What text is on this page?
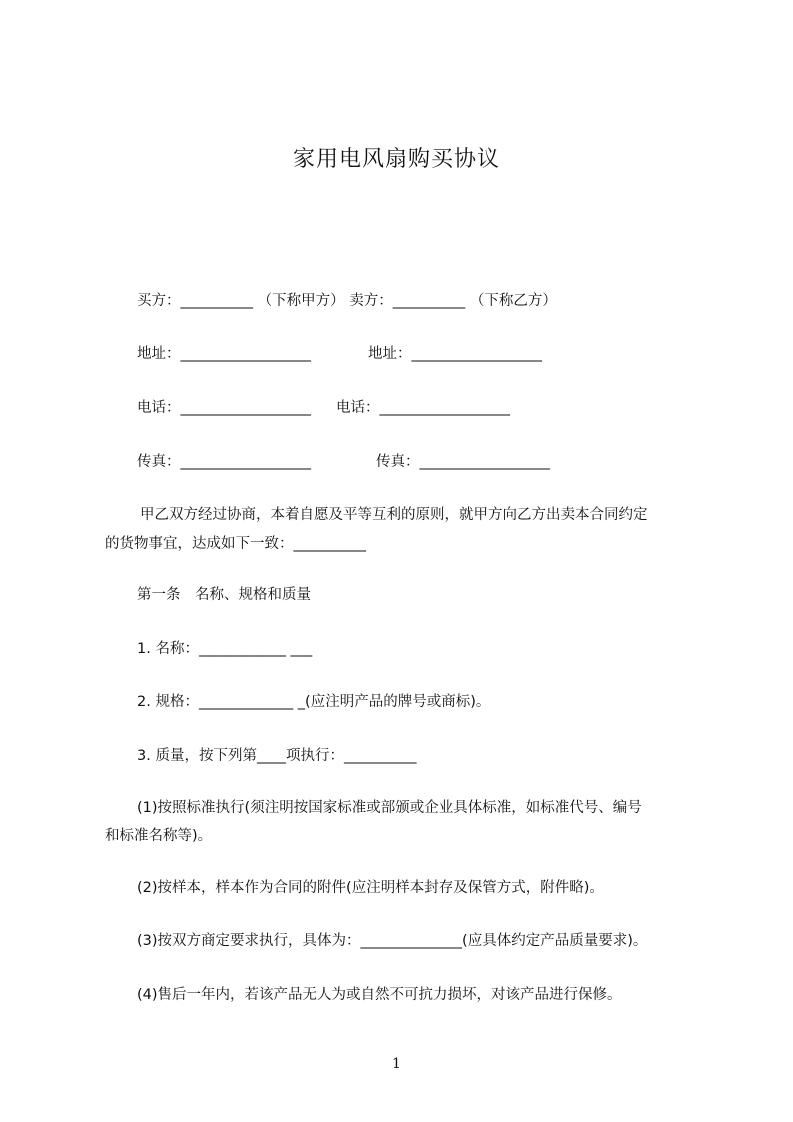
家用电风扇购买协议
买方：__________ （下称甲方） 卖方：__________ （下称乙方）
地址：__________________	地址：__________________
电话：__________________ 电话：__________________
传真：__________________	传真：__________________
甲乙双方经过协商，本着自愿及平等互利的原则，就甲方向乙方出卖本合同约定
的货物事宜，达成如下一致：__________
第一条　名称、规格和质量
1. 名称：____________ ___
2. 规格：_____________ _(应注明产品的牌号或商标)。
3. 质量，按下列第____项执行：__________
(1)按照标准执行(须注明按国家标准或部颁或企业具体标准，如标准代号、编号
和标准名称等)。
(2)按样本，样本作为合同的附件(应注明样本封存及保管方式，附件略)。
(3)按双方商定要求执行，具体为：______________(应具体约定产品质量要求)。
(4)售后一年内，若该产品无人为或自然不可抗力损坏，对该产品进行保修。
1
